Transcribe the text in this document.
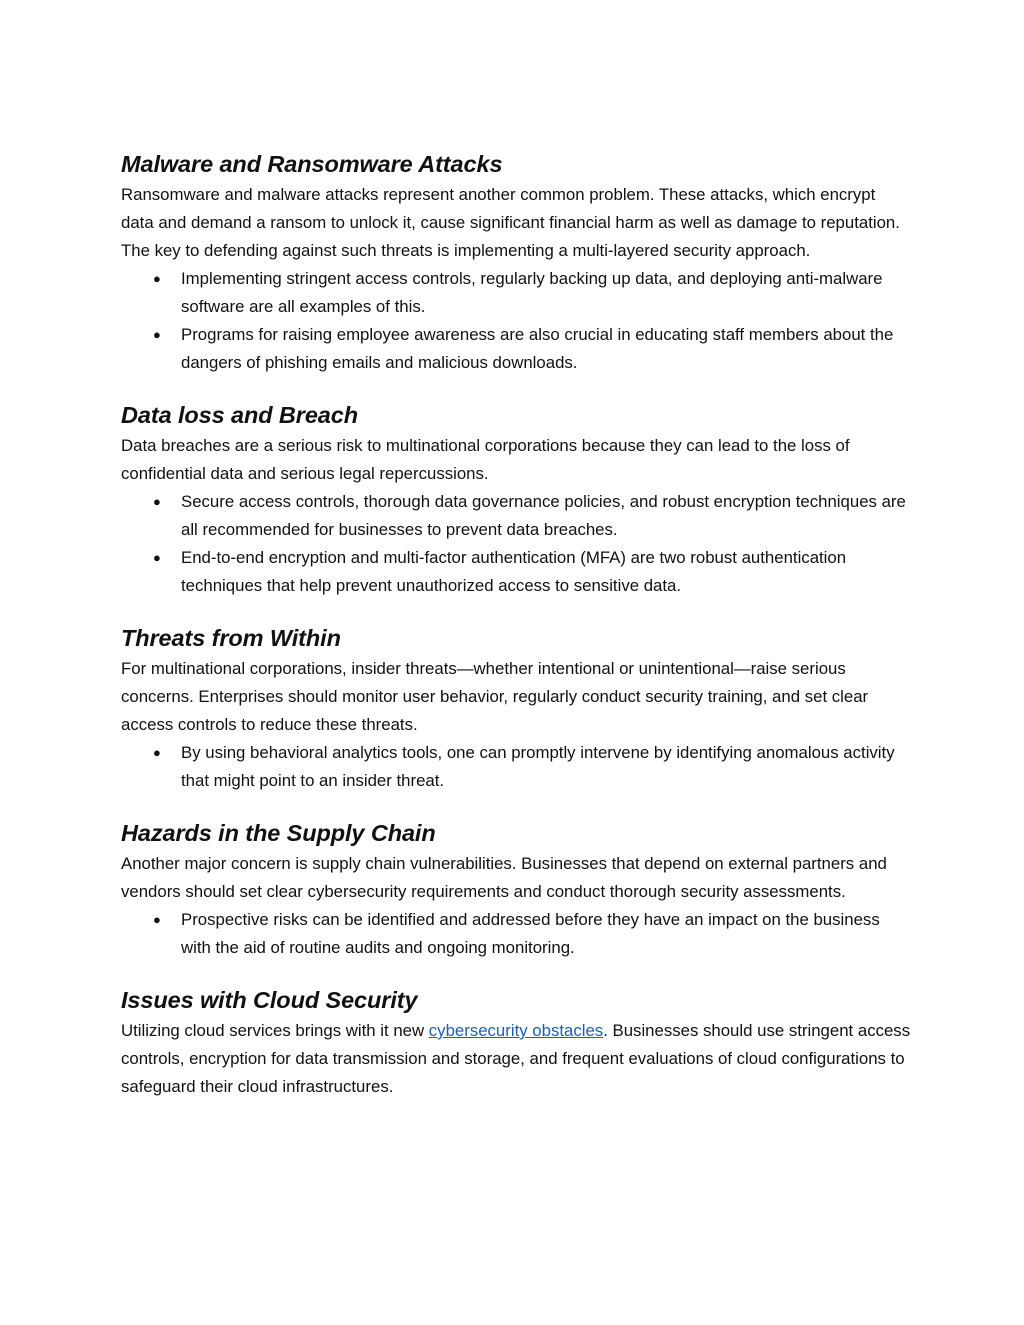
Malware and Ransomware Attacks

Ransomware and malware attacks represent another common problem. These attacks, which encrypt data and demand a ransom to unlock it, cause significant financial harm as well as damage to reputation. The key to defending against such threats is implementing a multi-layered security approach.

● Implementing stringent access controls, regularly backing up data, and deploying anti-malware software are all examples of this.
● Programs for raising employee awareness are also crucial in educating staff members about the dangers of phishing emails and malicious downloads.
Data loss and Breach

Data breaches are a serious risk to multinational corporations because they can lead to the loss of confidential data and serious legal repercussions.

● Secure access controls, thorough data governance policies, and robust encryption techniques are all recommended for businesses to prevent data breaches.
● End-to-end encryption and multi-factor authentication (MFA) are two robust authentication techniques that help prevent unauthorized access to sensitive data.
Threats from Within

For multinational corporations, insider threats—whether intentional or unintentional—raise serious concerns. Enterprises should monitor user behavior, regularly conduct security training, and set clear access controls to reduce these threats.

● By using behavioral analytics tools, one can promptly intervene by identifying anomalous activity that might point to an insider threat.
Hazards in the Supply Chain

Another major concern is supply chain vulnerabilities. Businesses that depend on external partners and vendors should set clear cybersecurity requirements and conduct thorough security assessments.

● Prospective risks can be identified and addressed before they have an impact on the business with the aid of routine audits and ongoing monitoring.
Issues with Cloud Security

Utilizing cloud services brings with it new cybersecurity obstacles. Businesses should use stringent access controls, encryption for data transmission and storage, and frequent evaluations of cloud configurations to safeguard their cloud infrastructures.
